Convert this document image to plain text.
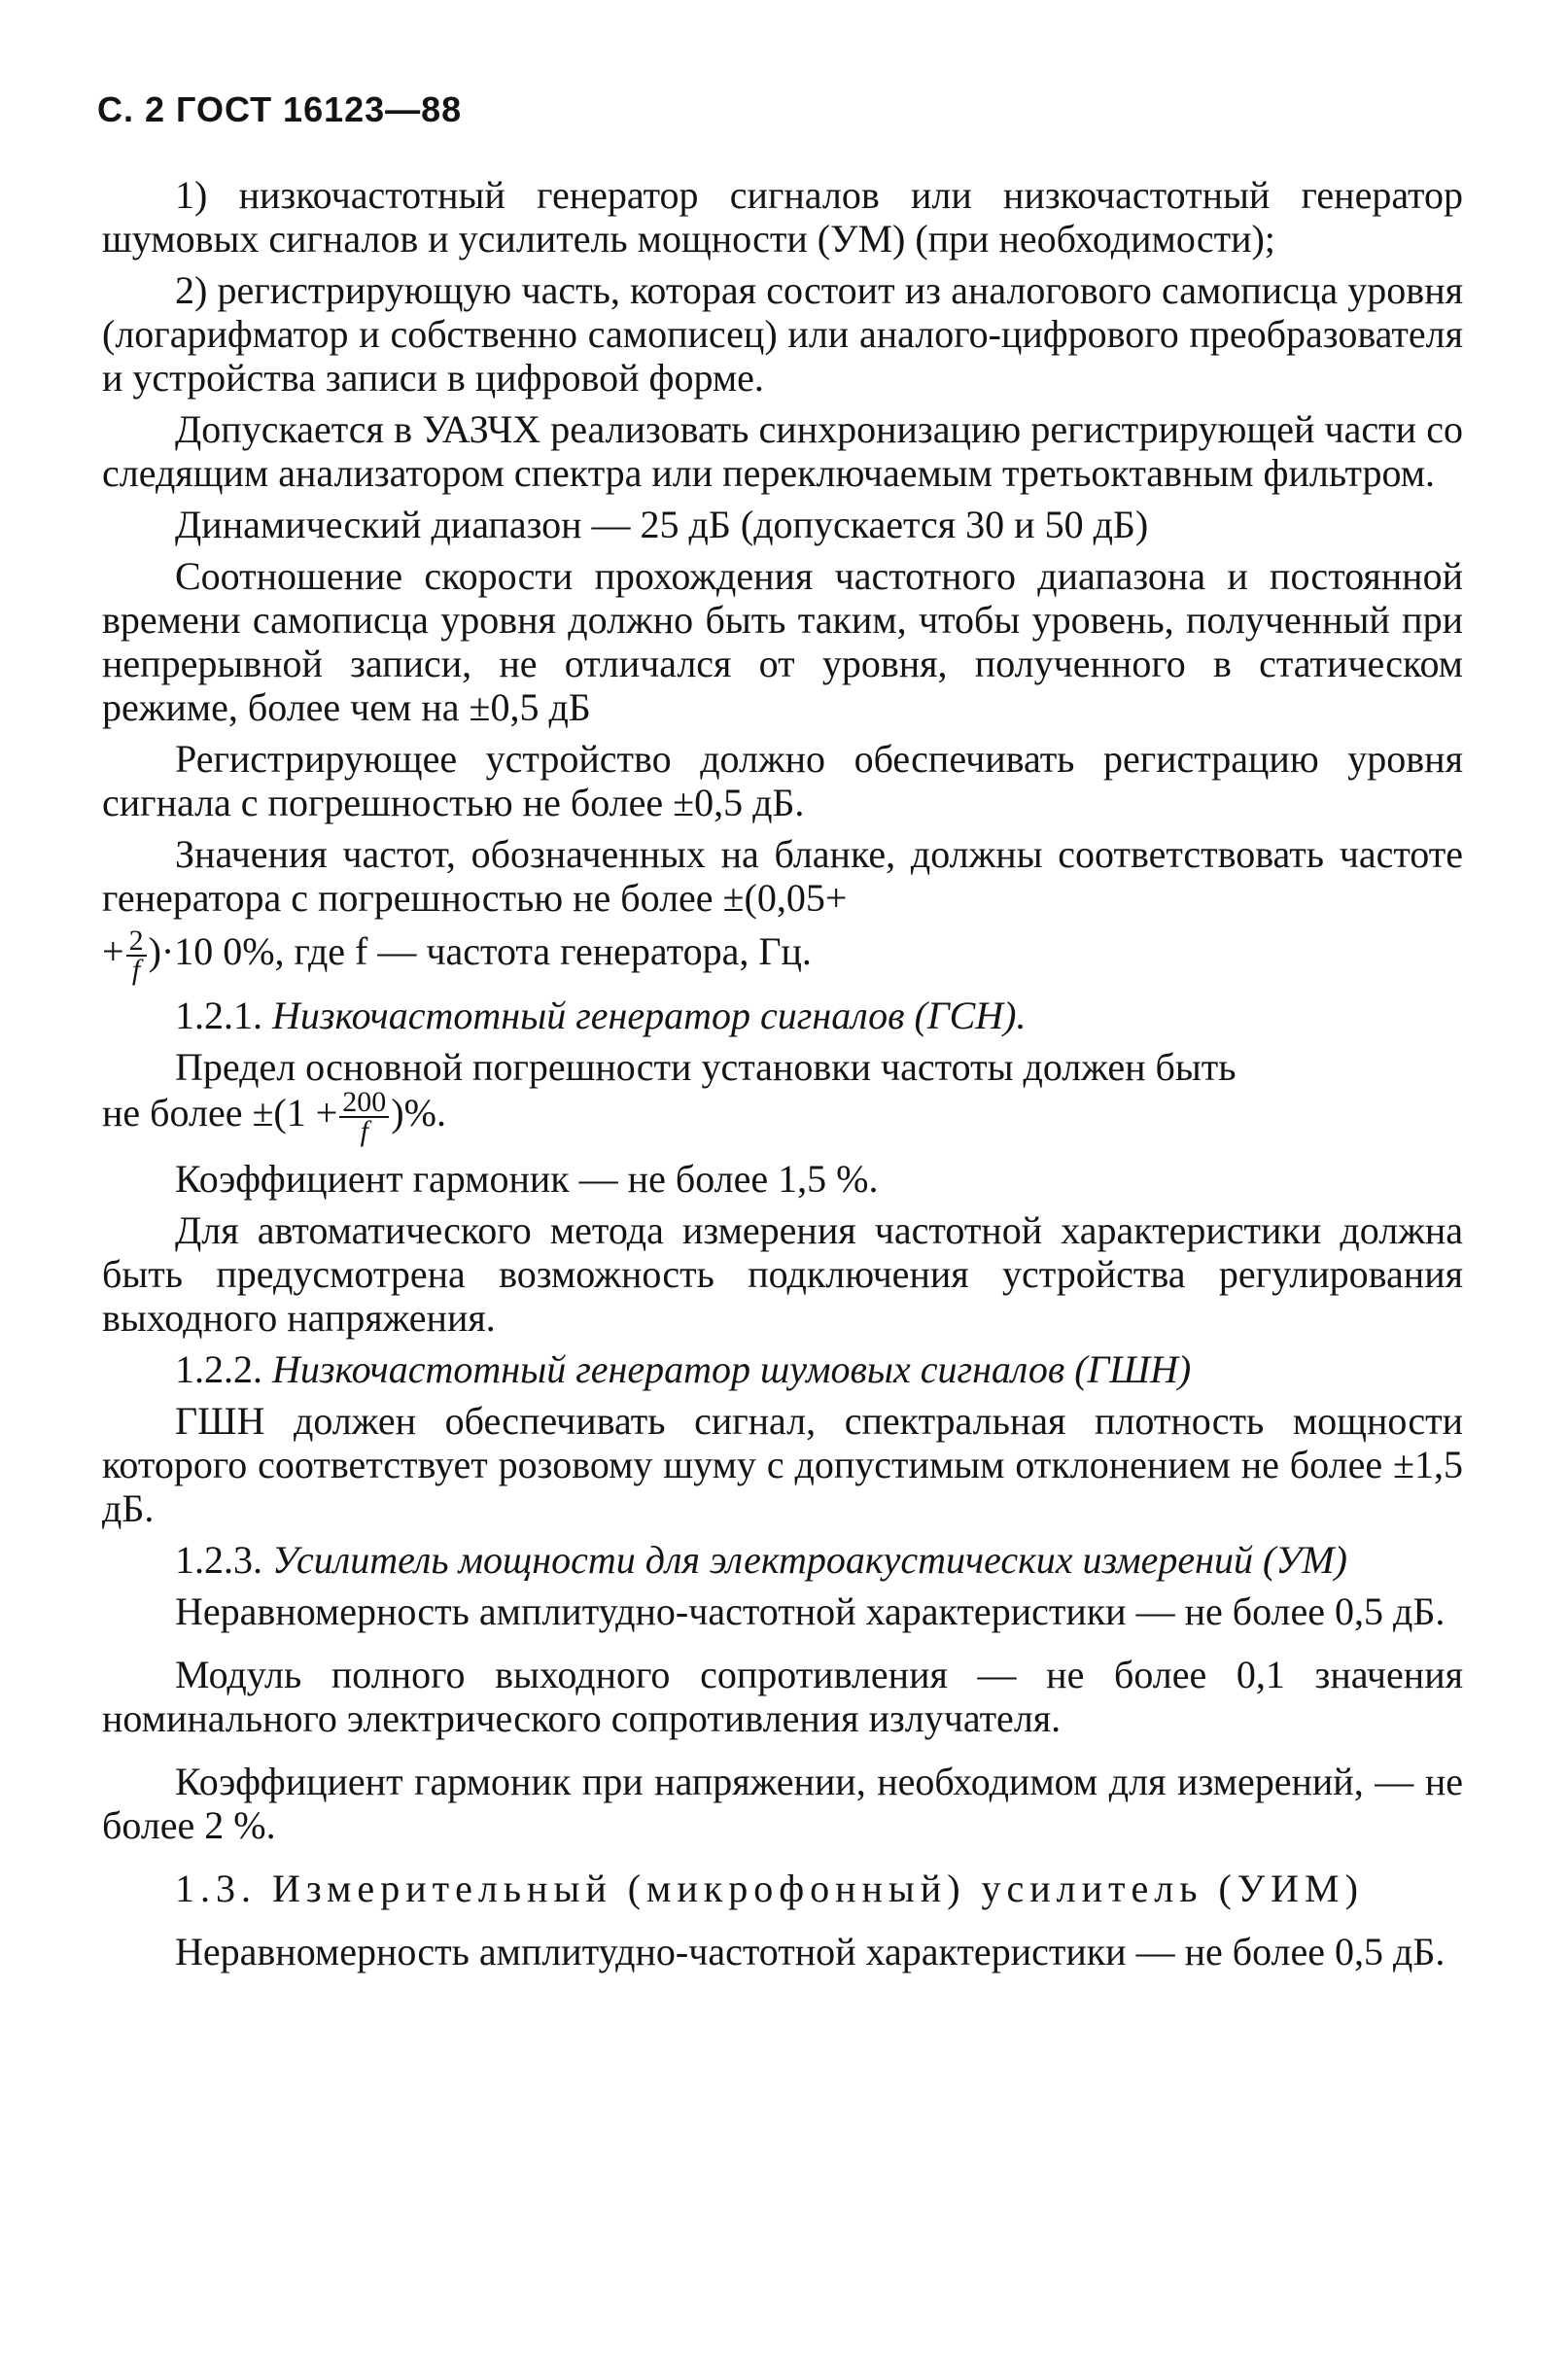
С. 2 ГОСТ 16123—88

1) низкочастотный генератор сигналов или низкочастотный генератор шумовых сигналов и усилитель мощности (УМ) (при необходимости);

2) регистрирующую часть, которая состоит из аналогового самописца уровня (логарифматор и собственно самописец) или аналого-цифрового преобразователя и устройства записи в цифровой форме.

Допускается в УАЗЧХ реализовать синхронизацию регистрирующей части со следящим анализатором спектра или переключаемым третьоктавным фильтром.

Динамический диапазон — 25 дБ (допускается 30 и 50 дБ)

Соотношение скорости прохождения частотного диапазона и постоянной времени самописца уровня должно быть таким, чтобы уровень, полученный при непрерывной записи, не отличался от уровня, полученного в статическом режиме, более чем на ±0,5 дБ

Регистрирующее устройство должно обеспечивать регистрацию уровня сигнала с погрешностью не более ±0,5 дБ.

Значения частот, обозначенных на бланке, должны соответствовать частоте генератора с погрешностью не более ±(0,05+

+ $\frac{2}{f} )\cdot 10$ 0%, где f — частота генератора, Гц.

1.2.1. Низкочастотный генератор сигналов (ГСН).

Предел основной погрешности установки частоты должен быть

не более $\pm(1 + \frac{200}{f}$ )%.

Коэффициент гармоник — не более 1,5 %.

Для автоматического метода измерения частотной характеристики должна быть предусмотрена возможность подключения устройства регулирования выходного напряжения.

1.2.2. Низкочастотный генератор шумовых сигналов (ГШН)

ГШН должен обеспечивать сигнал, спектральная плотность мощности которого соответствует розовому шуму с допустимым отклонением не более ±1,5 дБ.

1.2.3. Усилитель мощности для электроакустических измерений (УМ)

Неравномерность амплитудно-частотной характеристики — не более 0,5 дБ.

Модуль полного выходного сопротивления — не более 0,1 значения номинального электрического сопротивления излучателя.

Коэффициент гармоник при напряжении, необходимом для измерений, — не более 2 %.

1.3. Измерительный (микрофонный) усилитель (УИМ)

Неравномерность амплитудно-частотной характеристики — не более 0,5 дБ.
